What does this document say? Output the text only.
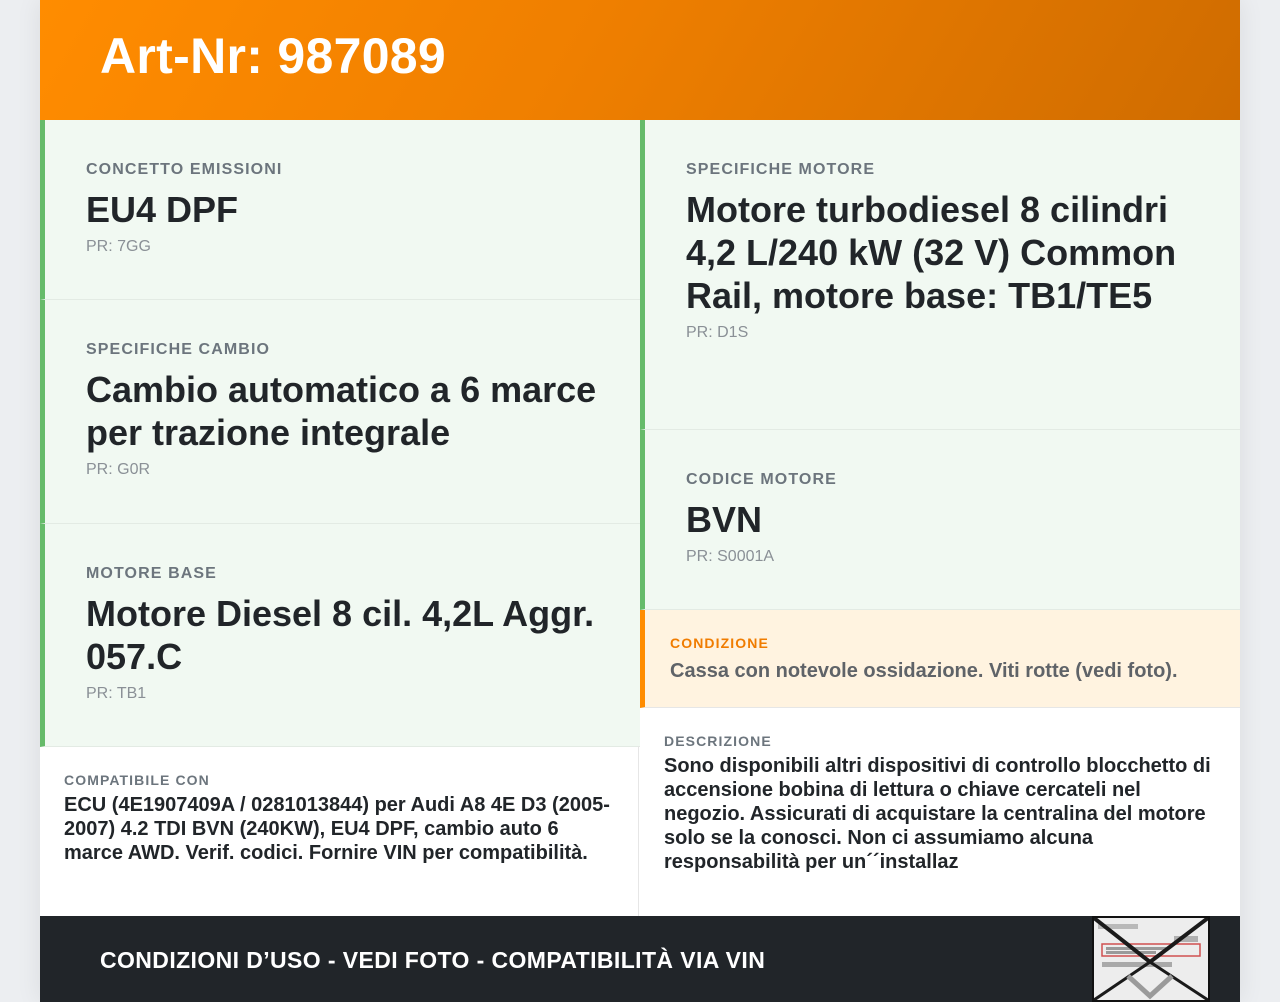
Art-Nr: 987089
CONCETTO EMISSIONI
EU4 DPF
PR: 7GG
SPECIFICHE CAMBIO
Cambio automatico a 6 marce per trazione integrale
PR: G0R
MOTORE BASE
Motore Diesel 8 cil. 4,2L Aggr. 057.C
PR: TB1
COMPATIBILE CON
ECU (4E1907409A / 0281013844) per Audi A8 4E D3 (2005-2007) 4.2 TDI BVN (240KW), EU4 DPF, cambio auto 6 marce AWD. Verif. codici. Fornire VIN per compatibilità.
SPECIFICHE MOTORE
Motore turbodiesel 8 cilindri 4,2 L/240 kW (32 V) Common Rail, motore base: TB1/TE5
PR: D1S
CODICE MOTORE
BVN
PR: S0001A
CONDIZIONE
Cassa con notevole ossidazione. Viti rotte (vedi foto).
DESCRIZIONE
Sono disponibili altri dispositivi di controllo blocchetto di accensione bobina di lettura o chiave cercateli nel negozio. Assicurati di acquistare la centralina del motore solo se la conosci. Non ci assumiamo alcuna responsabilità per un´´installaz
CONDIZIONI D’USO - VEDI FOTO - COMPATIBILITÀ VIA VIN
